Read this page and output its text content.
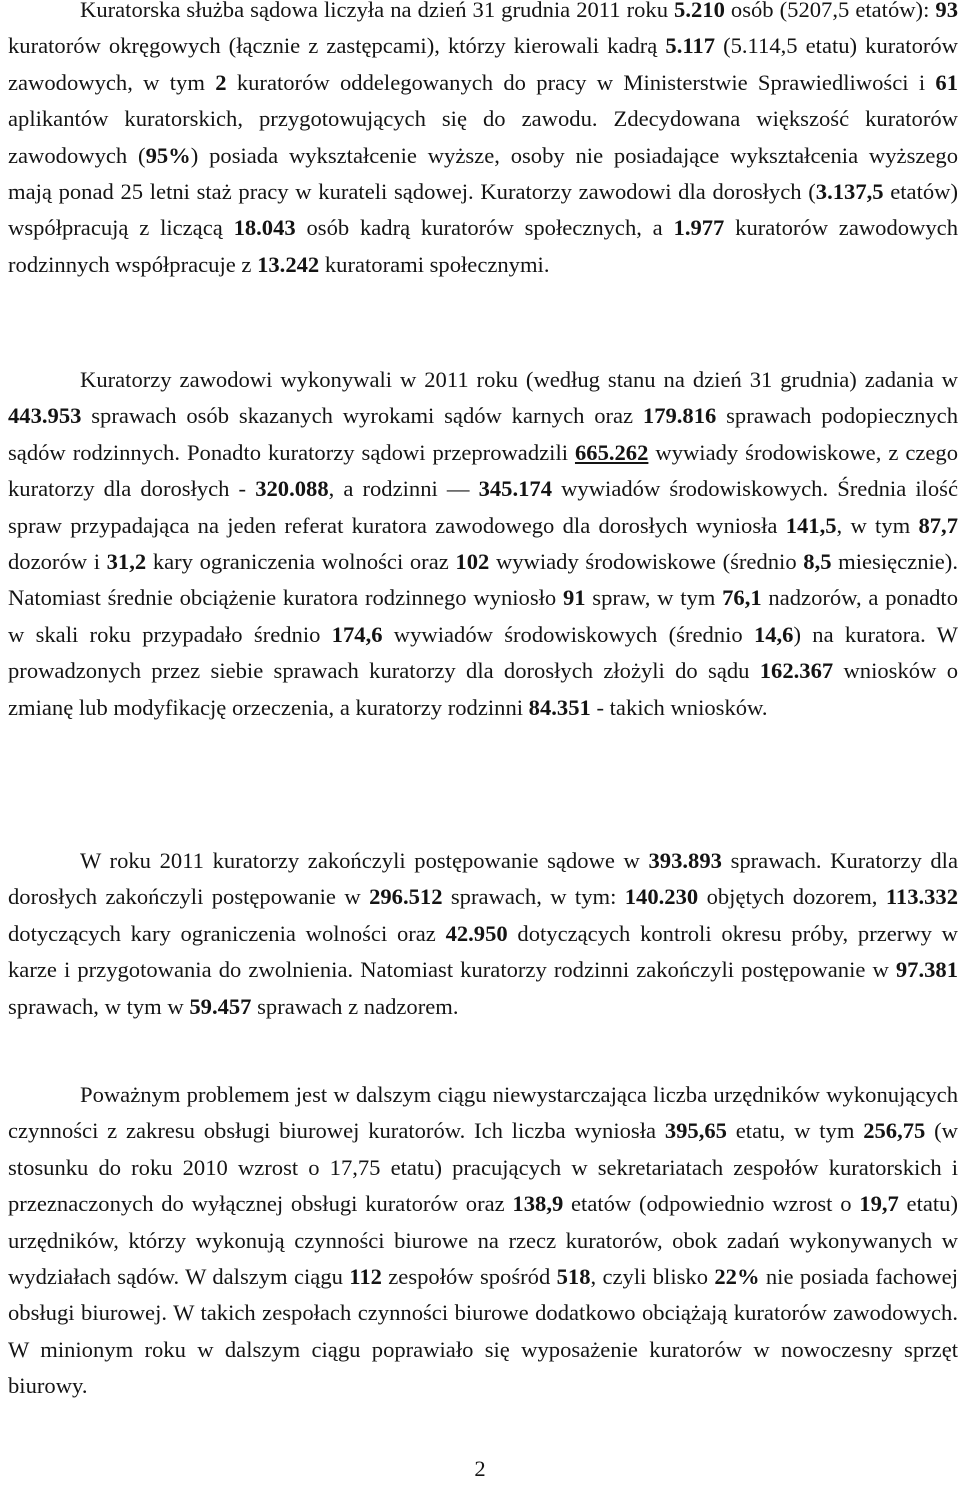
Kuratorska służba sądowa liczyła na dzień 31 grudnia 2011 roku 5.210 osób (5207,5 etatów): 93 kuratorów okręgowych (łącznie z zastępcami), którzy kierowali kadrą 5.117 (5.114,5 etatu) kuratorów zawodowych, w tym 2 kuratorów oddelegowanych do pracy w Ministerstwie Sprawiedliwości i 61 aplikantów kuratorskich, przygotowujących się do zawodu. Zdecydowana większość kuratorów zawodowych (95%) posiada wykształcenie wyższe, osoby nie posiadające wykształcenia wyższego mają ponad 25 letni staż pracy w kurateli sądowej. Kuratorzy zawodowi dla dorosłych (3.137,5 etatów) współpracują z liczącą 18.043 osób kadrą kuratorów społecznych, a 1.977 kuratorów zawodowych rodzinnych współpracuje z 13.242 kuratorami społecznymi.

Kuratorzy zawodowi wykonywali w 2011 roku (według stanu na dzień 31 grudnia) zadania w 443.953 sprawach osób skazanych wyrokami sądów karnych oraz 179.816 sprawach podopiecznych sądów rodzinnych. Ponadto kuratorzy sądowi przeprowadzili 665.262 wywiady środowiskowe, z czego kuratorzy dla dorosłych - 320.088, a rodzinni — 345.174 wywiadów środowiskowych. Średnia ilość spraw przypadająca na jeden referat kuratora zawodowego dla dorosłych wyniosła 141,5, w tym 87,7 dozorów i 31,2 kary ograniczenia wolności oraz 102 wywiady środowiskowe (średnio 8,5 miesięcznie). Natomiast średnie obciążenie kuratora rodzinnego wyniosło 91 spraw, w tym 76,1 nadzorów, a ponadto w skali roku przypadało średnio 174,6 wywiadów środowiskowych (średnio 14,6) na kuratora. W prowadzonych przez siebie sprawach kuratorzy dla dorosłych złożyli do sądu 162.367 wniosków o zmianę lub modyfikację orzeczenia, a kuratorzy rodzinni 84.351 - takich wniosków.

W roku 2011 kuratorzy zakończyli postępowanie sądowe w 393.893 sprawach. Kuratorzy dla dorosłych zakończyli postępowanie w 296.512 sprawach, w tym: 140.230 objętych dozorem, 113.332 dotyczących kary ograniczenia wolności oraz 42.950 dotyczących kontroli okresu próby, przerwy w karze i przygotowania do zwolnienia. Natomiast kuratorzy rodzinni zakończyli postępowanie w 97.381 sprawach, w tym w 59.457 sprawach z nadzorem.

Poważnym problemem jest w dalszym ciągu niewystarczająca liczba urzędników wykonujących czynności z zakresu obsługi biurowej kuratorów. Ich liczba wyniosła 395,65 etatu, w tym 256,75 (w stosunku do roku 2010 wzrost o 17,75 etatu) pracujących w sekretariatach zespołów kuratorskich i przeznaczonych do wyłącznej obsługi kuratorów oraz 138,9 etatów (odpowiednio wzrost o 19,7 etatu) urzędników, którzy wykonują czynności biurowe na rzecz kuratorów, obok zadań wykonywanych w wydziałach sądów. W dalszym ciągu 112 zespołów spośród 518, czyli blisko 22% nie posiada fachowej obsługi biurowej. W takich zespołach czynności biurowe dodatkowo obciążają kuratorów zawodowych. W minionym roku w dalszym ciągu poprawiało się wyposażenie kuratorów w nowoczesny sprzęt biurowy.

2
